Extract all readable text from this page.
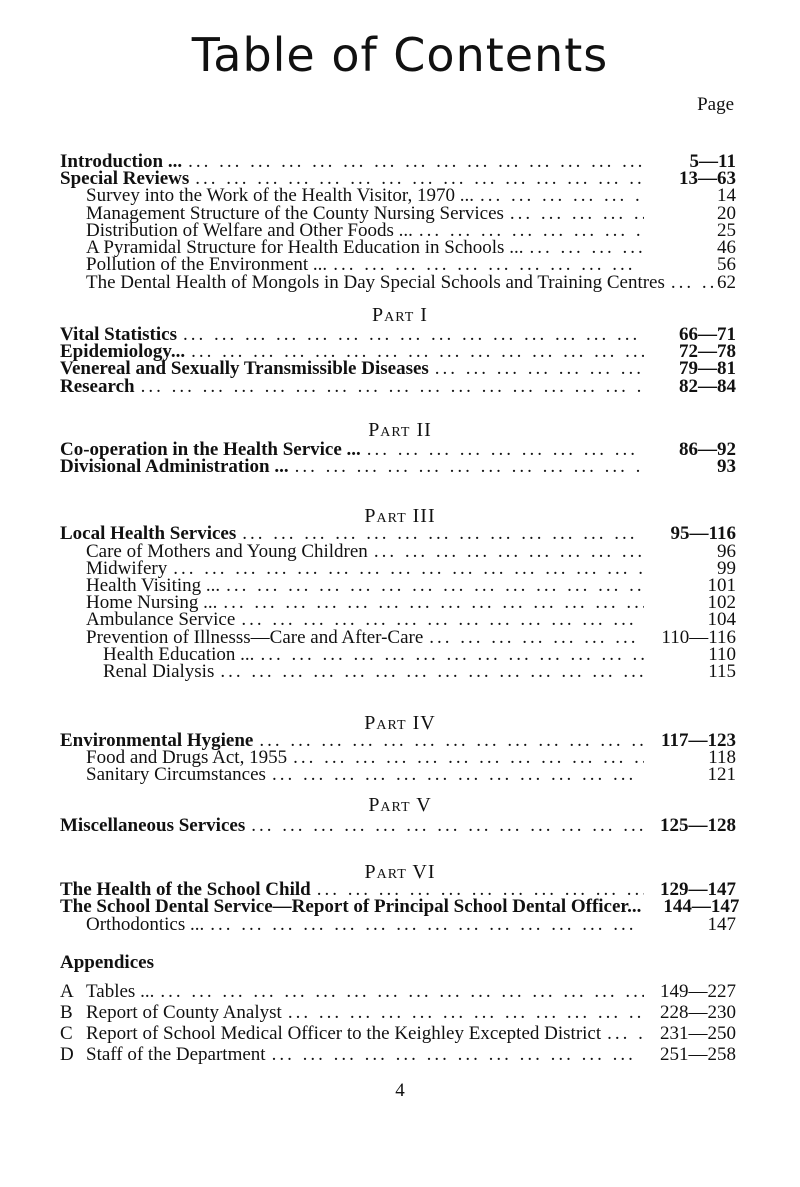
Table of Contents
Page
Introduction ... ... .	5—11
Special Reviews ... .	13—63
Survey into the Work of the Health Visitor, 1970 ... ... .	14
Management Structure of the County Nursing Services ... .	20
Distribution of Welfare and Other Foods ... ... .	25
A Pyramidal Structure for Health Education in Schools ... ... .	46
Pollution of the Environment ... ... .	56
The Dental Health of Mongols in Day Special Schools and Training Centres ... .	62
Part I
Vital Statistics ... .	66—71
Epidemiology... ... .	72—78
Venereal and Sexually Transmissible Diseases ... .	79—81
Research ... .	82—84
Part II
Co-operation in the Health Service ... ... .	86—92
Divisional Administration ... ... .	93
Part III
Local Health Services ... .	95—116
Care of Mothers and Young Children ... .	96
Midwifery ... .	99
Health Visiting ... ... .	101
Home Nursing ... ... .	102
Ambulance Service ... .	104
Prevention of Illnesss—Care and After-Care ... .	110—116
Health Education ... ... .	110
Renal Dialysis ... .	115
Part IV
Environmental Hygiene ... .	117—123
Food and Drugs Act, 1955 ... .	118
Sanitary Circumstances ... .	121
Part V
Miscellaneous Services ... .	125—128
Part VI
The Health of the School Child ... .	129—147
The School Dental Service—Report of Principal School Dental Officer... ... .	144—147
Orthodontics ... ... .	147
4
Appendices
A Tables ... ... .	149—227
B Report of County Analyst ... .	228—230
C Report of School Medical Officer to the Keighley Excepted District ... .	231—250
D Staff of the Department ... .	251—258
